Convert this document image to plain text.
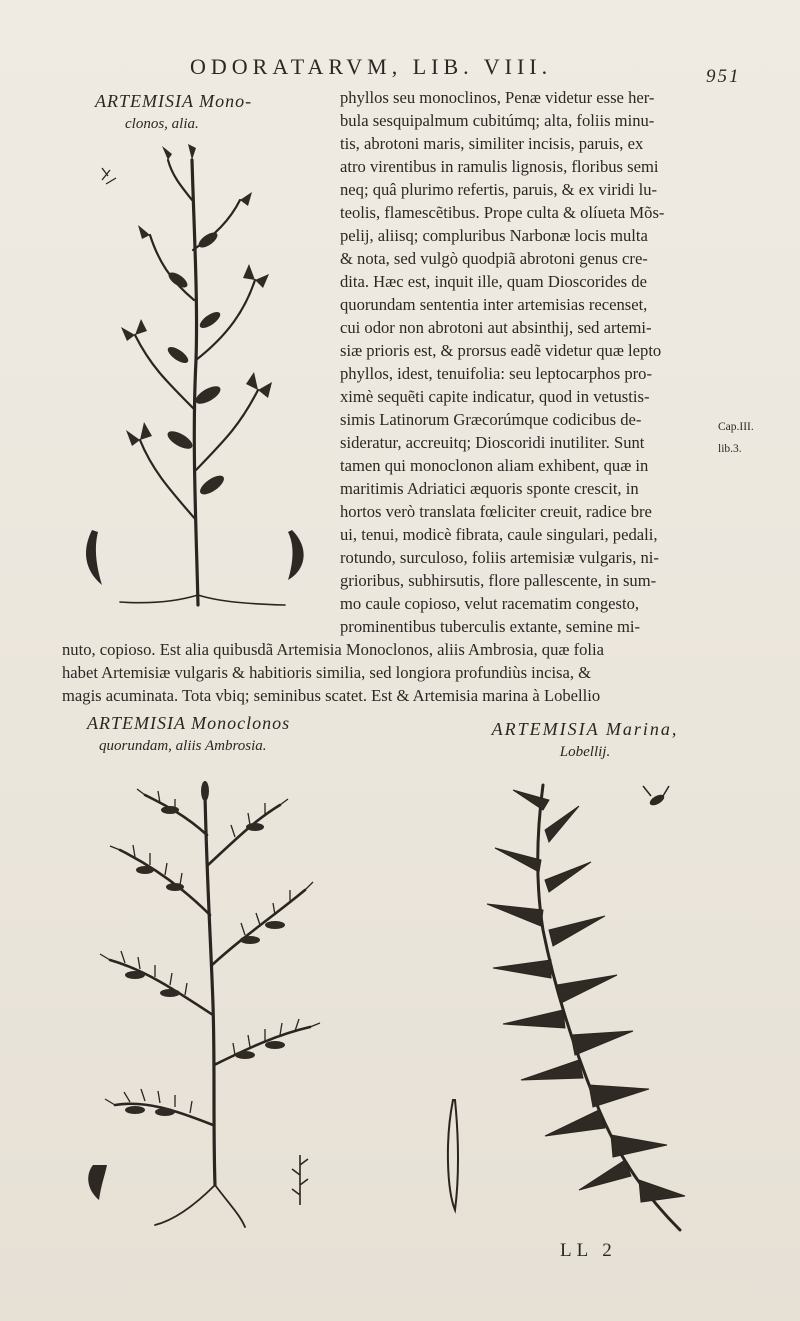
ODORATARVM, LIB. VIII.	951
ARTEMISIA Mono-
clonos, alia.
phyllos seu monoclinos, Penæ videtur esse her-
bula sesquipalmum cubitúmq; alta, foliis minu-
tis, abrotoni maris, similiter incisis, paruis, ex
atro virentibus in ramulis lignosis, floribus semi
neq; quâ plurimo refertis, paruis, & ex viridi lu-
teolis, flamescẽtibus. Prope culta & olíueta Mõs-
pelij, aliisq; compluribus Narbonæ locis multa
& nota, sed vulgò quodpiã abrotoni genus cre-
dita. Hæc est, inquit ille, quam Dioscorides de
quorundam sententia inter artemisias recenset,
cui odor non abrotoni aut absinthij, sed artemi-
siæ prioris est, & prorsus eadẽ videtur quæ lepto
phyllos, idest, tenuifolia: seu leptocarphos pro-
ximè sequẽti capite indicatur, quod in vetustis-
simis Latinorum Græcorúmque codicibus de-
sideratur, accreuitq; Dioscoridi inutiliter. Sunt
tamen qui monoclonon aliam exhibent, quæ in
maritimis Adriatici æquoris sponte crescit, in
hortos verò translata fœliciter creuit, radice bre
ui, tenui, modicè fibrata, caule singulari, pedali,
rotundo, surculoso, foliis artemisiæ vulgaris, ni-
grioribus, subhirsutis, flore pallescente, in sum-
mo caule copioso, velut racematim congesto,
prominentibus tuberculis extante, semine mi-
Cap.III.
lib.3.
nuto, copioso. Est alia quibusdã Artemisia Monoclonos, aliis Ambrosia, quæ folia
habet Artemisiæ vulgaris & habitioris similia, sed longiora profundiùs incisa, &
magis acuminata. Tota vbiq; seminibus scatet. Est & Artemisia marina à Lobellio
ARTEMISIA Monoclonos
quorundam, aliis Ambrosia.
ARTEMISIA Marina,
Lobellij.
LL 2
